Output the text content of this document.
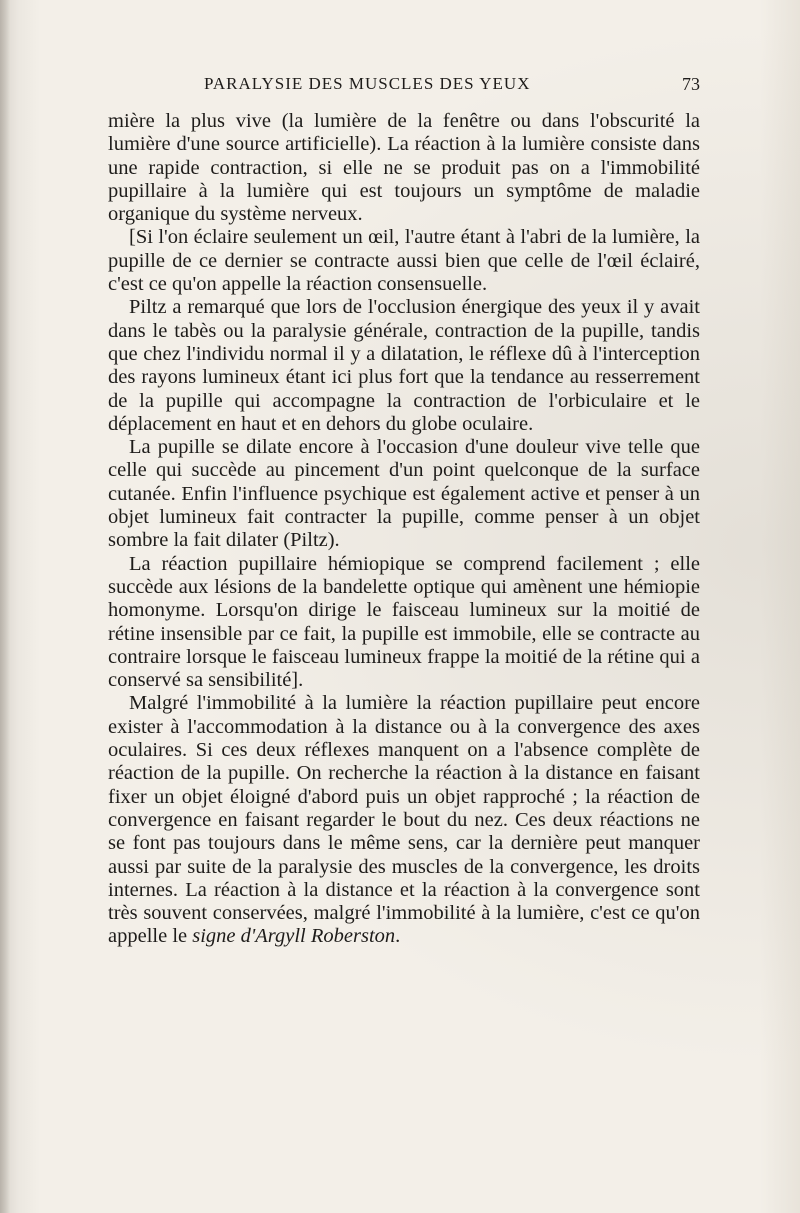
PARALYSIE DES MUSCLES DES YEUX	73

mière la plus vive (la lumière de la fenêtre ou dans l'obscurité la lumière d'une source artificielle). La réaction à la lumière consiste dans une rapide contraction, si elle ne se produit pas on a l'immobilité pupillaire à la lumière qui est toujours un symptôme de maladie organique du système nerveux.

[Si l'on éclaire seulement un œil, l'autre étant à l'abri de la lumière, la pupille de ce dernier se contracte aussi bien que celle de l'œil éclairé, c'est ce qu'on appelle la réaction consensuelle.

Piltz a remarqué que lors de l'occlusion énergique des yeux il y avait dans le tabès ou la paralysie générale, contraction de la pupille, tandis que chez l'individu normal il y a dilatation, le réflexe dû à l'interception des rayons lumineux étant ici plus fort que la tendance au resserrement de la pupille qui accompagne la contraction de l'orbiculaire et le déplacement en haut et en dehors du globe oculaire.

La pupille se dilate encore à l'occasion d'une douleur vive telle que celle qui succède au pincement d'un point quelconque de la surface cutanée. Enfin l'influence psychique est également active et penser à un objet lumineux fait contracter la pupille, comme penser à un objet sombre la fait dilater (Piltz).

La réaction pupillaire hémiopique se comprend facilement ; elle succède aux lésions de la bandelette optique qui amènent une hémiopie homonyme. Lorsqu'on dirige le faisceau lumineux sur la moitié de rétine insensible par ce fait, la pupille est immobile, elle se contracte au contraire lorsque le faisceau lumineux frappe la moitié de la rétine qui a conservé sa sensibilité].

Malgré l'immobilité à la lumière la réaction pupillaire peut encore exister à l'accommodation à la distance ou à la convergence des axes oculaires. Si ces deux réflexes manquent on a l'absence complète de réaction de la pupille. On recherche la réaction à la distance en faisant fixer un objet éloigné d'abord puis un objet rapproché ; la réaction de convergence en faisant regarder le bout du nez. Ces deux réactions ne se font pas toujours dans le même sens, car la dernière peut manquer aussi par suite de la paralysie des muscles de la convergence, les droits internes. La réaction à la distance et la réaction à la convergence sont très souvent conservées, malgré l'immobilité à la lumière, c'est ce qu'on appelle le signe d'Argyll Roberston.
